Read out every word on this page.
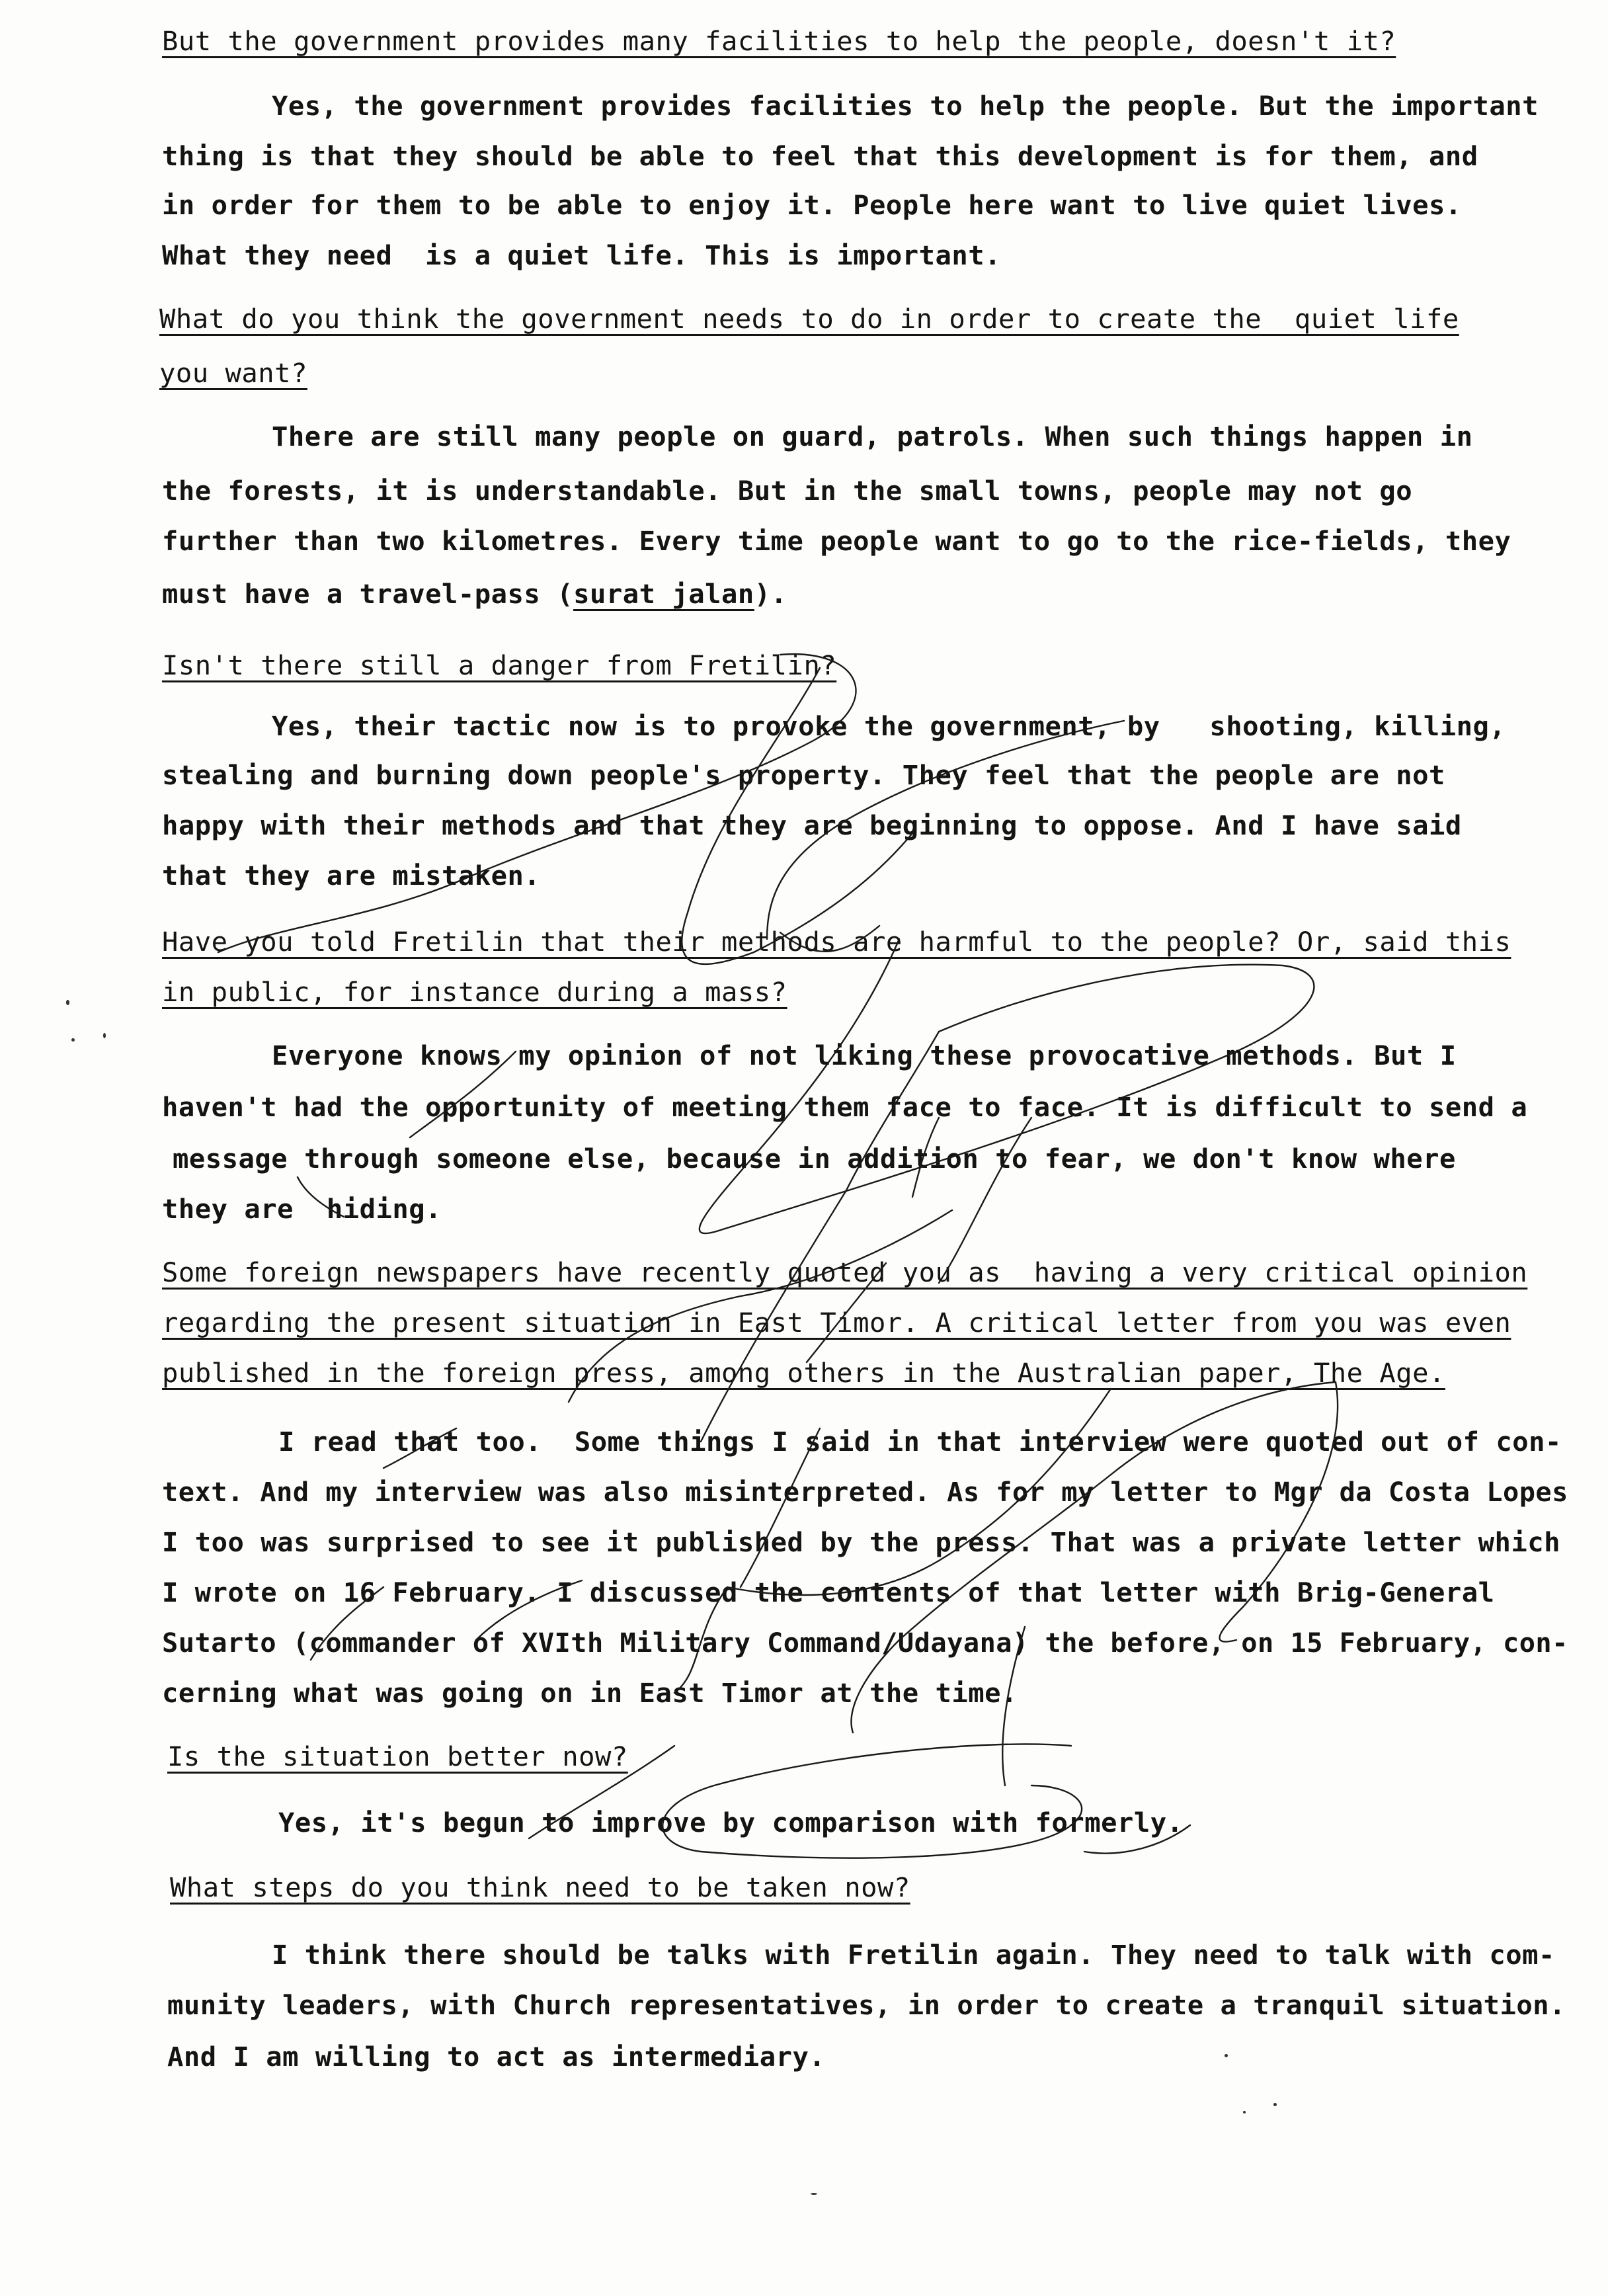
But the government provides many facilities to help the people, doesn't it?
Yes, the government provides facilities to help the people. But the important
thing is that they should be able to feel that this development is for them, and
in order for them to be able to enjoy it. People here want to live quiet lives.
What they need  is a quiet life. This is important.
What do you think the government needs to do in order to create the  quiet life
you want?
There are still many people on guard, patrols. When such things happen in
the forests, it is understandable. But in the small towns, people may not go
further than two kilometres. Every time people want to go to the rice-fields, they
must have a travel-pass (surat jalan).
Isn't there still a danger from Fretilin?
Yes, their tactic now is to provoke the government, by   shooting, killing,
stealing and burning down people's property. They feel that the people are not
happy with their methods and that they are beginning to oppose. And I have said
that they are mistaken.
Have you told Fretilin that their methods are harmful to the people? Or, said this
in public, for instance during a mass?
Everyone knows my opinion of not liking these provocative methods. But I
haven't had the opportunity of meeting them face to face. It is difficult to send a
message through someone else, because in addition to fear, we don't know where
they are  hiding.
Some foreign newspapers have recently quoted you as  having a very critical opinion
regarding the present situation in East Timor. A critical letter from you was even
published in the foreign press, among others in the Australian paper, The Age.
I read that too.  Some things I said in that interview were quoted out of con-
text. And my interview was also misinterpreted. As for my letter to Mgr da Costa Lopes
I too was surprised to see it published by the press. That was a private letter which
I wrote on 16 February. I discussed the contents of that letter with Brig-General
Sutarto (commander of XVIth Military Command/Udayana) the before, on 15 February, con-
cerning what was going on in East Timor at the time.
Is the situation better now?
Yes, it's begun to improve by comparison with formerly.
What steps do you think need to be taken now?
I think there should be talks with Fretilin again. They need to talk with com-
munity leaders, with Church representatives, in order to create a tranquil situation.
And I am willing to act as intermediary.
